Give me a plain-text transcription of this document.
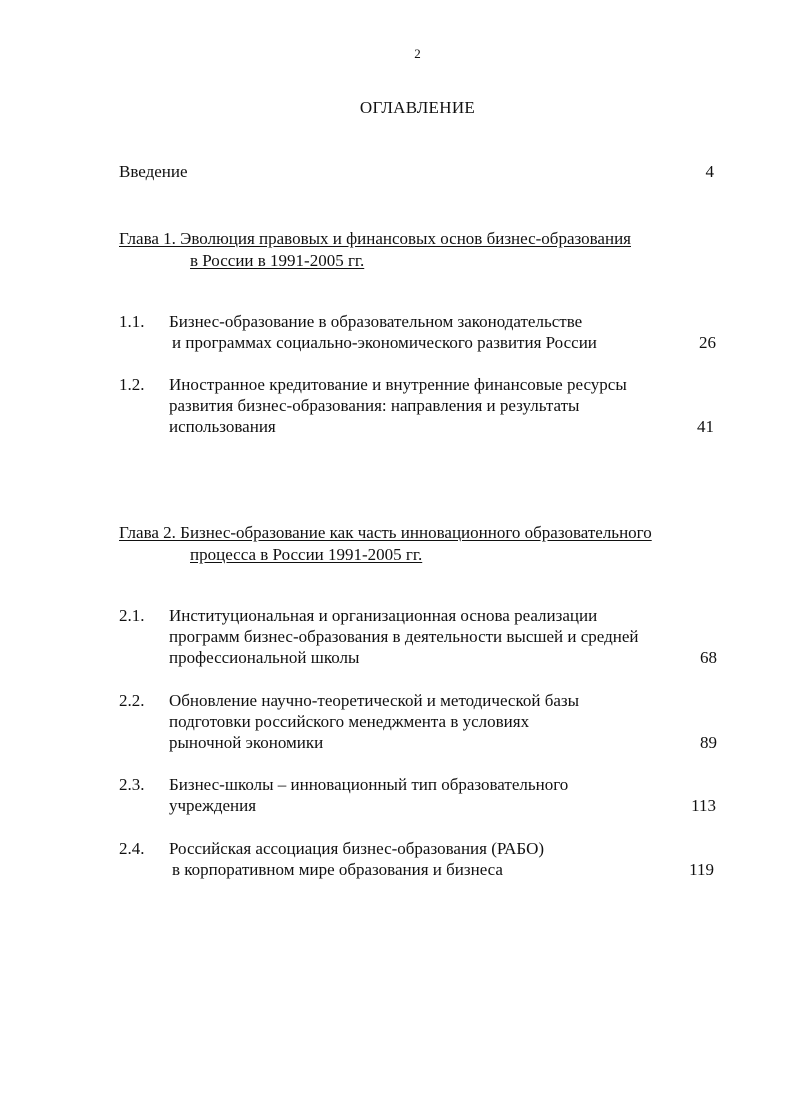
2
ОГЛАВЛЕНИЕ
Введение	4
Глава 1. Эволюция правовых и финансовых основ бизнес-образования
в России в 1991-2005 гг.
1.1. Бизнес-образование в образовательном законодательстве
и программах социально-экономического развития России	26
1.2. Иностранное кредитование и внутренние финансовые ресурсы
развития бизнес-образования: направления и результаты
использования	41
Глава 2. Бизнес-образование как часть инновационного образовательного
процесса в России 1991-2005 гг.
2.1. Институциональная и организационная основа реализации
программ бизнес-образования в деятельности высшей и средней
профессиональной школы	68
2.2. Обновление научно-теоретической и методической базы
подготовки российского менеджмента в условиях
рыночной экономики	89
2.3. Бизнес-школы – инновационный тип образовательного
учреждения	113
2.4. Российская ассоциация бизнес-образования (РАБО)
в корпоративном мире образования и бизнеса	119
